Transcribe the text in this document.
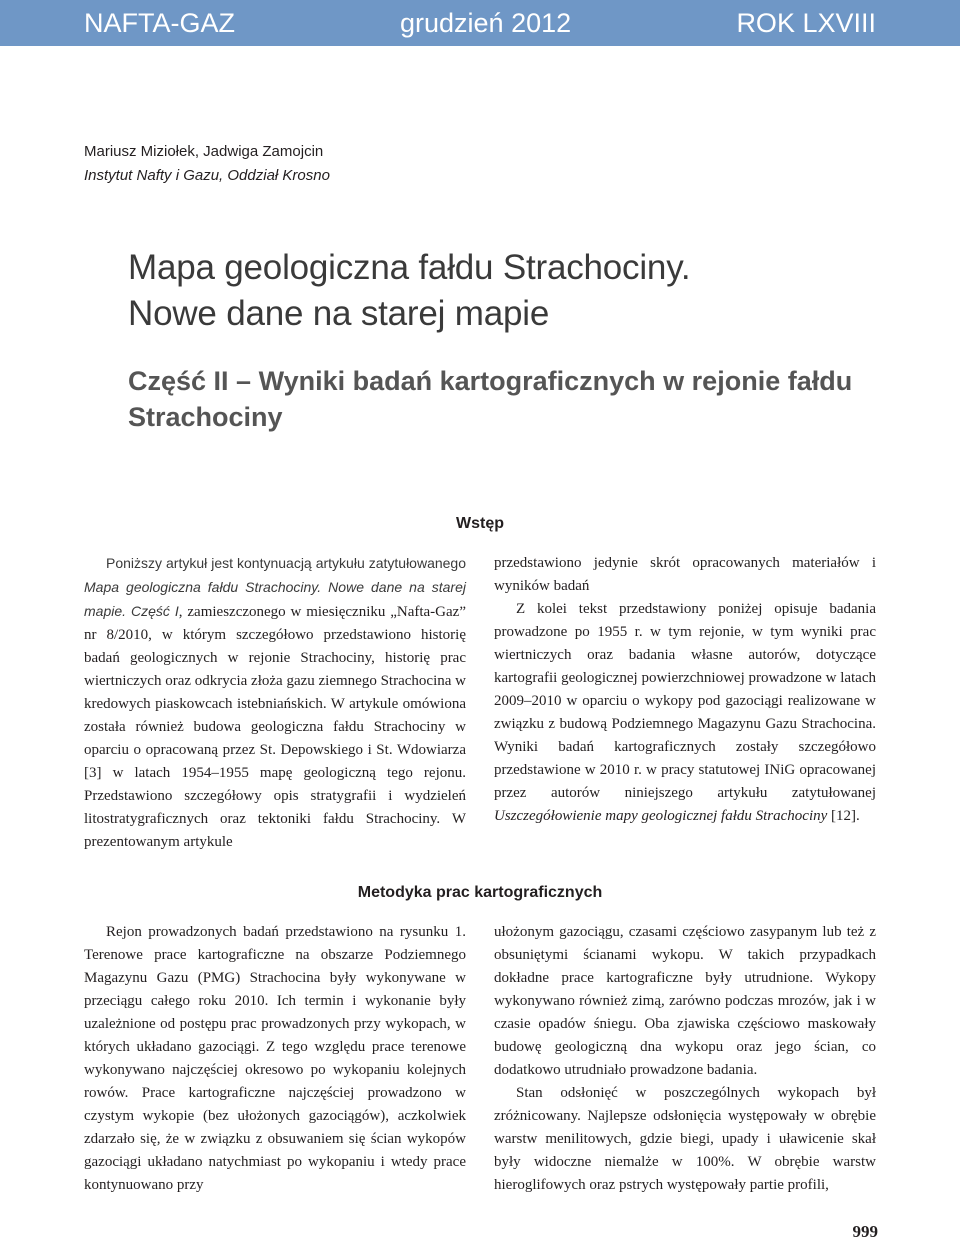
NAFTA-GAZ	grudzień 2012	ROK LXVIII
Mariusz Miziołek, Jadwiga Zamojcin
Instytut Nafty i Gazu, Oddział Krosno
Mapa geologiczna fałdu Strachociny.
Nowe dane na starej mapie
Część II – Wyniki badań kartograficznych w rejonie fałdu Strachociny
Wstęp

Poniższy artykuł jest kontynuacją artykułu zatytułowanego Mapa geologiczna fałdu Strachociny. Nowe dane na starej mapie. Część I, zamieszczonego w miesięczniku „Nafta-Gaz” nr 8/2010, w którym szczegółowo przedstawiono historię badań geologicznych w rejonie Strachociny, historię prac wiertniczych oraz odkrycia złoża gazu ziemnego Strachocina w kredowych piaskowcach istebniańskich. W artykule omówiona została również budowa geologiczna fałdu Strachociny w oparciu o opracowaną przez St. Depowskiego i St. Wdowiarza [3] w latach 1954–1955 mapę geologiczną tego rejonu. Przedstawiono szczegółowy opis stratygrafii i wydzieleń litostratygraficznych oraz tektoniki fałdu Strachociny. W prezentowanym artykule

przedstawiono jedynie skrót opracowanych materiałów i wyników badań

Z kolei tekst przedstawiony poniżej opisuje badania prowadzone po 1955 r. w tym rejonie, w tym wyniki prac wiertniczych oraz badania własne autorów, dotyczące kartografii geologicznej powierzchniowej prowadzone w latach 2009–2010 w oparciu o wykopy pod gazociągi realizowane w związku z budową Podziemnego Magazynu Gazu Strachocina. Wyniki badań kartograficznych zostały szczegółowo przedstawione w 2010 r. w pracy statutowej INiG opracowanej przez autorów niniejszego artykułu zatytułowanej Uszczegółowienie mapy geologicznej fałdu Strachociny [12].

Metodyka prac kartograficznych

Rejon prowadzonych badań przedstawiono na rysunku 1. Terenowe prace kartograficzne na obszarze Podziemnego Magazynu Gazu (PMG) Strachocina były wykonywane w przeciągu całego roku 2010. Ich termin i wykonanie były uzależnione od postępu prac prowadzonych przy wykopach, w których układano gazociągi. Z tego względu prace terenowe wykonywano najczęściej okresowo po wykopaniu kolejnych rowów. Prace kartograficzne najczęściej prowadzono w czystym wykopie (bez ułożonych gazociągów), aczkolwiek zdarzało się, że w związku z obsuwaniem się ścian wykopów gazociągi układano natychmiast po wykopaniu i wtedy prace kontynuowano przy

ułożonym gazociągu, czasami częściowo zasypanym lub też z obsuniętymi ścianami wykopu. W takich przypadkach dokładne prace kartograficzne były utrudnione. Wykopy wykonywano również zimą, zarówno podczas mrozów, jak i w czasie opadów śniegu. Oba zjawiska częściowo maskowały budowę geologiczną dna wykopu oraz jego ścian, co dodatkowo utrudniało prowadzone badania.

Stan odsłonięć w poszczególnych wykopach był zróżnicowany. Najlepsze odsłonięcia występowały w obrębie warstw menilitowych, gdzie biegi, upady i uławicenie skał były widoczne niemalże w 100%. W obrębie warstw hieroglifowych oraz pstrych występowały partie profili,

999
